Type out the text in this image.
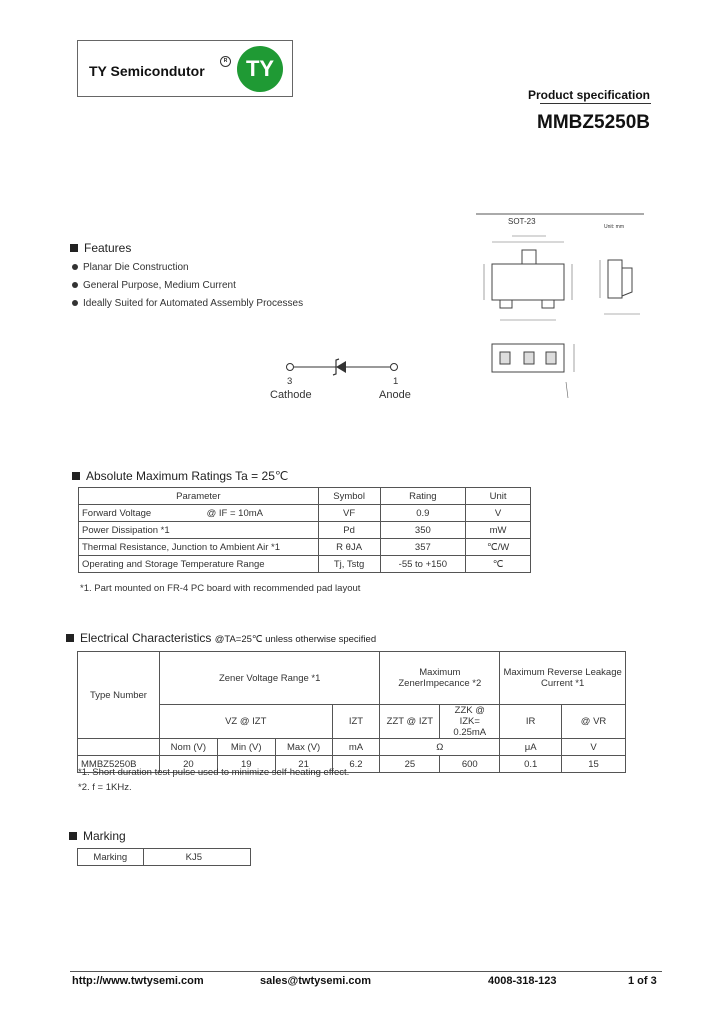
TY Semicondutor
R TY
Product specification
MMBZ5250B
SOT-23
Unit: mm
Features
Planar Die Construction
General Purpose, Medium Current
Ideally Suited for Automated Assembly Processes
3	1
Cathode	Anode
Absolute Maximum Ratings Ta = 25℃
Parameter	Symbol	Rating	Unit
Forward Voltage                     @ IF = 10mA	VF	0.9	V
Power Dissipation *1	Pd	350	mW
Thermal Resistance, Junction to Ambient Air *1	R θJA	357	℃/W
Operating and Storage Temperature Range	Tj, Tstg	-55 to +150	℃
*1. Part mounted on FR-4 PC board with recommended pad layout
Electrical Characteristics @TA=25℃ unless otherwise specified
Type Number	Zener Voltage Range *1				Maximum ZenerImpecance *2		Maximum Reverse Leakage Current *1	

	VZ @ IZT			IZT	ZZT @ IZT	ZZK @ IZK= 0.25mA	IR	@ VR
	Nom (V)	Min (V)	Max (V)	mA	Ω		μA	V
MMBZ5250B	20	19	21	6.2	25	600	0.1	15
*1. Short duration test pulse used to minimize self-heating effect.
*2. f = 1KHz.
Marking
Marking	KJ5
http://www.twtysemi.com	sales@twtysemi.com	4008-318-123	1 of 3
